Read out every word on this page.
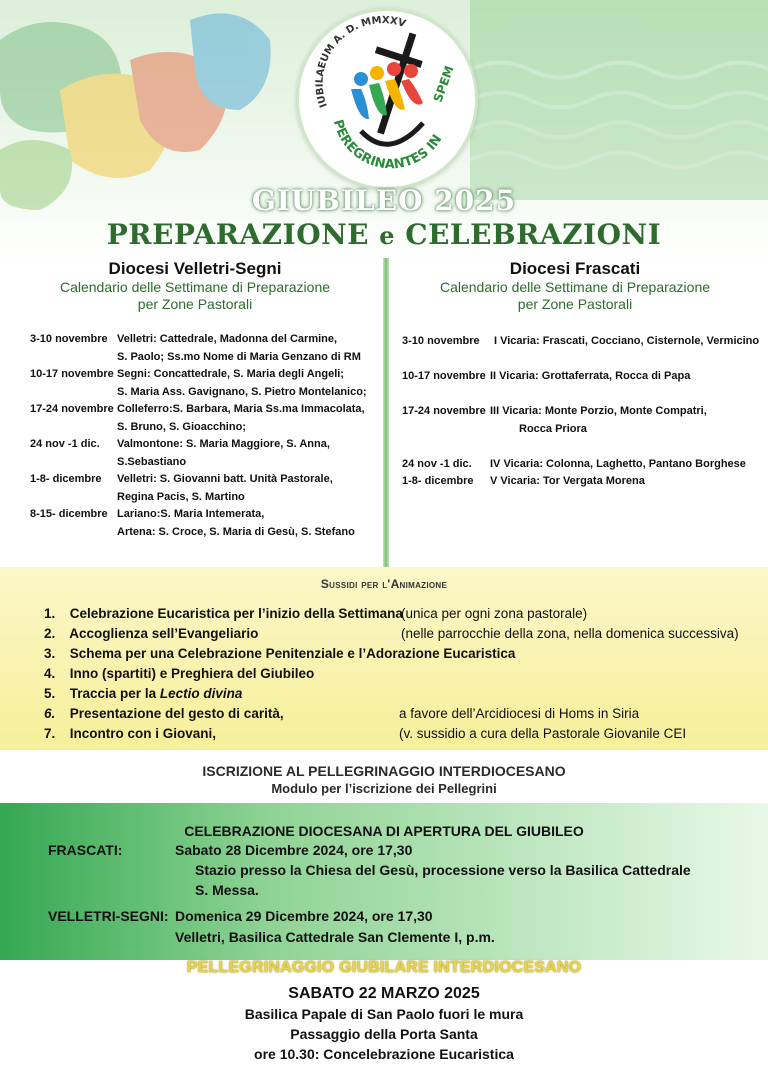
IUBILAEUM A. D. MMXXV
PEREGRINANTES IN
SPEM
GIUBILEO 2025
PREPARAZIONE e CELEBRAZIONI
Diocesi Velletri-Segni
Calendario delle Settimane di Preparazione
per Zone Pastorali
3-10 novembre Velletri: Cattedrale, Madonna del Carmine,
S. Paolo; Ss.mo Nome di Maria Genzano di RM
10-17 novembre Segni: Concattedrale, S. Maria degli Angeli;
S. Maria Ass. Gavignano, S. Pietro Montelanico;
17-24 novembre Colleferro:S. Barbara, Maria Ss.ma Immacolata,
S. Bruno, S. Gioacchino;
24 nov -1 dic. Valmontone: S. Maria Maggiore, S. Anna,
S.Sebastiano
1-8- dicembre Velletri: S. Giovanni batt. Unità Pastorale,
Regina Pacis, S. Martino
8-15- dicembre Lariano:S. Maria Intemerata,
Artena: S. Croce, S. Maria di Gesù, S. Stefano
Diocesi Frascati
Calendario delle Settimane di Preparazione
per Zone Pastorali
3-10 novembre I Vicaria: Frascati, Cocciano, Cisternole, Vermicino
10-17 novembre II Vicaria: Grottaferrata, Rocca di Papa
17-24 novembre III Vicaria: Monte Porzio, Monte Compatri,
Rocca Priora
24 nov -1 dic. IV Vicaria: Colonna, Laghetto, Pantano Borghese
1-8- dicembre V Vicaria: Tor Vergata Morena
Sussidi per l'Animazione
1. Celebrazione Eucaristica per l’inizio della Settimana
(unica per ogni zona pastorale)
2. Accoglienza sell’Evangeliario	(nelle parrocchie della zona, nella domenica successiva)
3. Schema per una Celebrazione Penitenziale e l’Adorazione Eucaristica
4. Inno (spartiti) e Preghiera del Giubileo
5. Traccia per la Lectio divina
6. Presentazione del gesto di carità,	a favore dell’Arcidiocesi di Homs in Siria
7. Incontro con i Giovani,	(v. sussidio a cura della Pastorale Giovanile CEI
ISCRIZIONE AL PELLEGRINAGGIO INTERDIOCESANO
Modulo per l’iscrizione dei Pellegrini
CELEBRAZIONE DIOCESANA DI APERTURA DEL GIUBILEO
FRASCATI:	Sabato 28 Dicembre 2024, ore 17,30
Stazio presso la Chiesa del Gesù, processione verso la Basilica Cattedrale
S. Messa.
VELLETRI-SEGNI: Domenica 29 Dicembre 2024, ore 17,30
Velletri, Basilica Cattedrale San Clemente I, p.m.
PELLEGRINAGGIO GIUBILARE INTERDIOCESANO
SABATO 22 MARZO 2025
Basilica Papale di San Paolo fuori le mura
Passaggio della Porta Santa
ore 10.30: Concelebrazione Eucaristica
